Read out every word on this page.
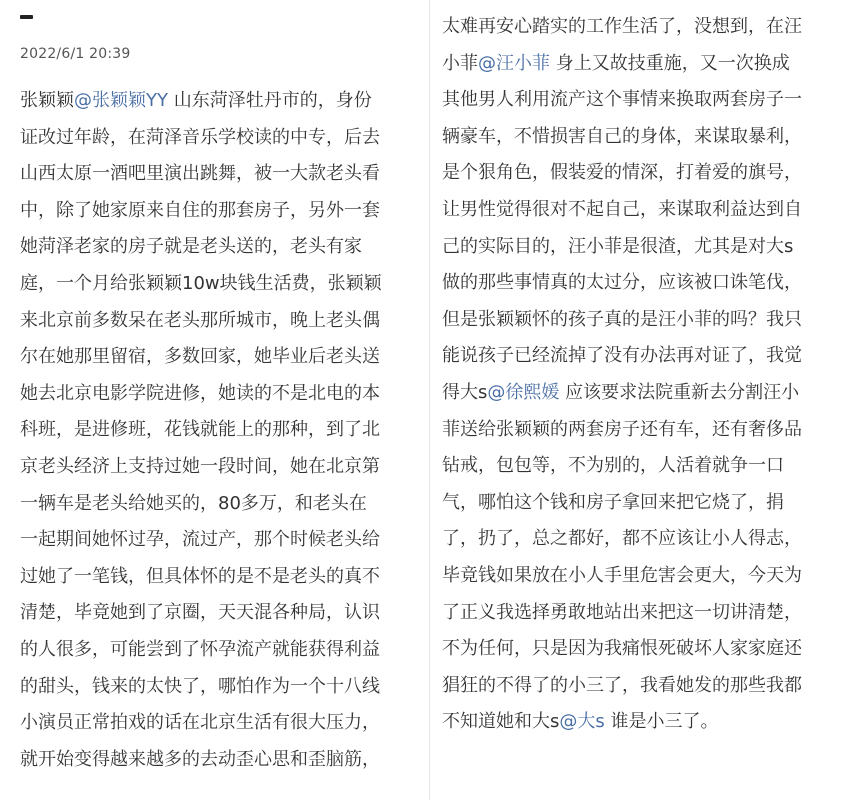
2022/6/1 20:39
张颖颖@张颖颖YY 山东菏泽牡丹市的，身份
证改过年龄，在菏泽音乐学校读的中专，后去
山西太原一酒吧里演出跳舞，被一大款老头看
中，除了她家原来自住的那套房子，另外一套
她菏泽老家的房子就是老头送的，老头有家
庭，一个月给张颖颖10w块钱生活费，张颖颖
来北京前多数呆在老头那所城市，晚上老头偶
尔在她那里留宿，多数回家，她毕业后老头送
她去北京电影学院进修，她读的不是北电的本
科班，是进修班，花钱就能上的那种，到了北
京老头经济上支持过她一段时间，她在北京第
一辆车是老头给她买的，80多万，和老头在
一起期间她怀过孕，流过产，那个时候老头给
过她了一笔钱，但具体怀的是不是老头的真不
清楚，毕竟她到了京圈，天天混各种局，认识
的人很多，可能尝到了怀孕流产就能获得利益
的甜头，钱来的太快了，哪怕作为一个十八线
小演员正常拍戏的话在北京生活有很大压力，
就开始变得越来越多的去动歪心思和歪脑筋，
太难再安心踏实的工作生活了，没想到，在汪
小菲@汪小菲 身上又故技重施，又一次换成
其他男人利用流产这个事情来换取两套房子一
辆豪车，不惜损害自己的身体，来谋取暴利，
是个狠角色，假装爱的情深，打着爱的旗号，
让男性觉得很对不起自己，来谋取利益达到自
己的实际目的，汪小菲是很渣，尤其是对大s
做的那些事情真的太过分，应该被口诛笔伐，
但是张颖颖怀的孩子真的是汪小菲的吗？我只
能说孩子已经流掉了没有办法再对证了，我觉
得大s@徐熙媛 应该要求法院重新去分割汪小
菲送给张颖颖的两套房子还有车，还有奢侈品
钻戒，包包等，不为别的，人活着就争一口
气，哪怕这个钱和房子拿回来把它烧了，捐
了，扔了，总之都好，都不应该让小人得志，
毕竟钱如果放在小人手里危害会更大，今天为
了正义我选择勇敢地站出来把这一切讲清楚，
不为任何，只是因为我痛恨死破坏人家家庭还
猖狂的不得了的小三了，我看她发的那些我都
不知道她和大s@大s 谁是小三了。
